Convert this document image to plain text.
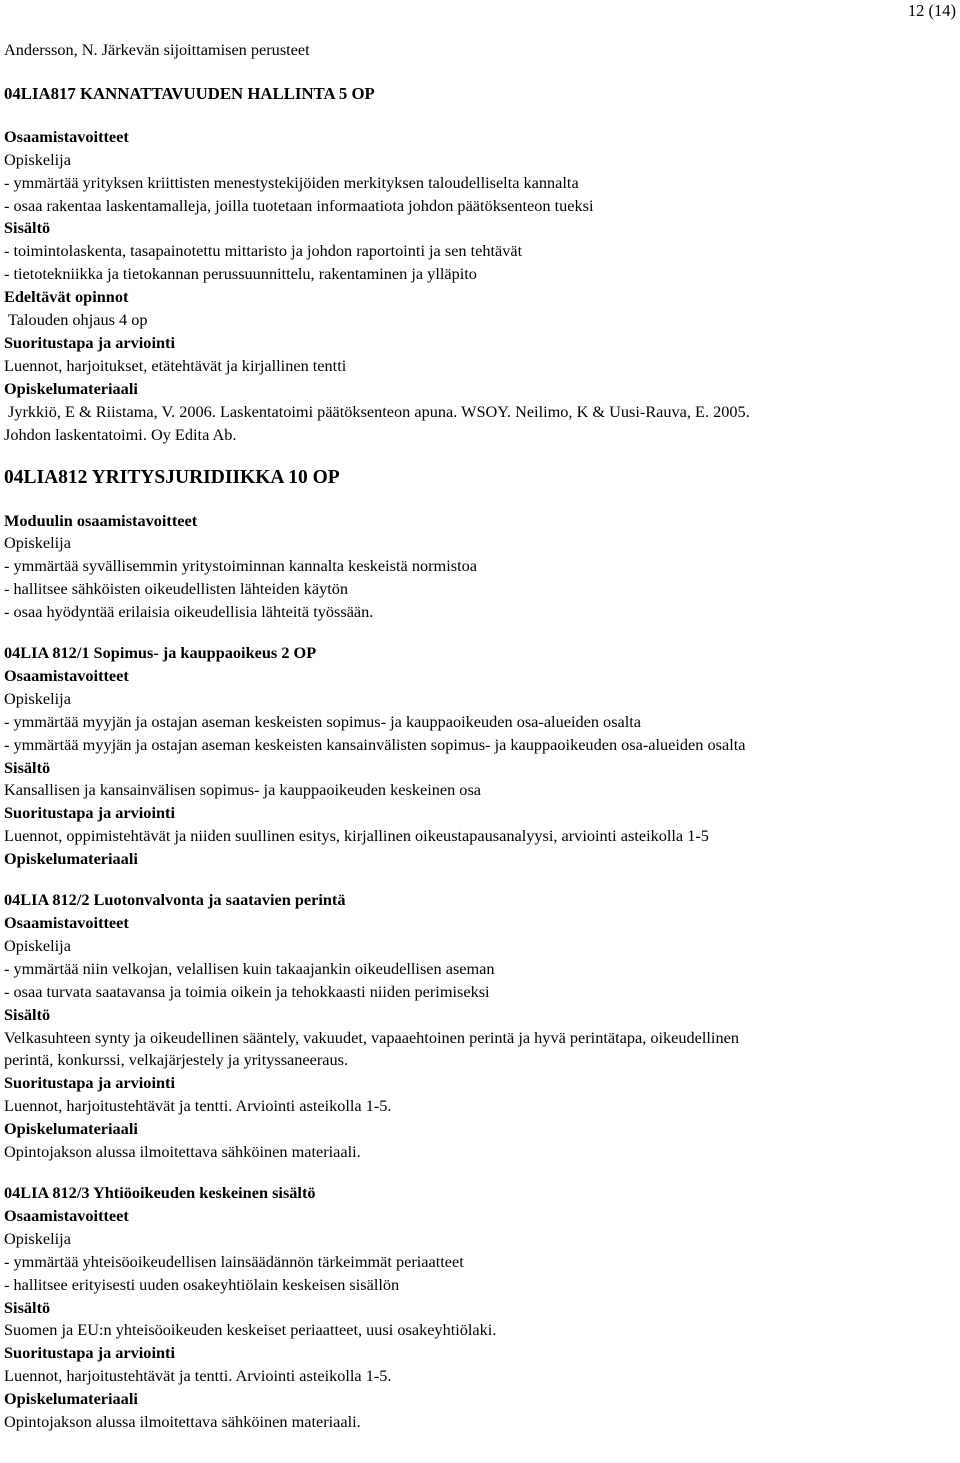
12 (14)
Andersson, N. Järkevän sijoittamisen perusteet
04LIA817 KANNATTAVUUDEN HALLINTA 5 OP
Osaamistavoitteet
Opiskelija
- ymmärtää yrityksen kriittisten menestystekijöiden merkityksen taloudelliselta kannalta
- osaa rakentaa laskentamalleja, joilla tuotetaan informaatiota johdon päätöksenteon tueksi
Sisältö
- toimintolaskenta, tasapainotettu mittaristo ja johdon raportointi ja sen tehtävät
- tietotekniikka ja tietokannan perussuunnittelu, rakentaminen ja ylläpito
Edeltävät opinnot
Talouden ohjaus 4 op
Suoritustapa ja arviointi
Luennot, harjoitukset, etätehtävät ja kirjallinen tentti
Opiskelumateriaali
Jyrkkiö, E & Riistama, V. 2006. Laskentatoimi päätöksenteon apuna. WSOY. Neilimo, K & Uusi-Rauva, E. 2005.
Johdon laskentatoimi. Oy Edita Ab.
04LIA812 YRITYSJURIDIIKKA 10 OP
Moduulin osaamistavoitteet
Opiskelija
- ymmärtää syvällisemmin yritystoiminnan kannalta keskeistä normistoa
- hallitsee sähköisten oikeudellisten lähteiden käytön
- osaa hyödyntää erilaisia oikeudellisia lähteitä työssään.
04LIA 812/1 Sopimus- ja kauppaoikeus 2 OP
Osaamistavoitteet
Opiskelija
- ymmärtää myyjän ja ostajan aseman keskeisten sopimus- ja kauppaoikeuden osa-alueiden osalta
- ymmärtää myyjän ja ostajan aseman keskeisten kansainvälisten sopimus- ja kauppaoikeuden osa-alueiden osalta
Sisältö
Kansallisen ja kansainvälisen sopimus- ja kauppaoikeuden keskeinen osa
Suoritustapa ja arviointi
Luennot, oppimistehtävät ja niiden suullinen esitys, kirjallinen oikeustapausanalyysi, arviointi asteikolla 1-5
Opiskelumateriaali
04LIA 812/2 Luotonvalvonta ja saatavien perintä
Osaamistavoitteet
Opiskelija
- ymmärtää niin velkojan, velallisen kuin takaajankin oikeudellisen aseman
- osaa turvata saatavansa ja toimia oikein ja tehokkaasti niiden perimiseksi
Sisältö
Velkasuhteen synty ja oikeudellinen sääntely, vakuudet, vapaaehtoinen perintä ja hyvä perintätapa, oikeudellinen
perintä, konkurssi, velkajärjestely ja yrityssaneeraus.
Suoritustapa ja arviointi
Luennot, harjoitustehtävät ja tentti. Arviointi asteikolla 1-5.
Opiskelumateriaali
Opintojakson alussa ilmoitettava sähköinen materiaali.
04LIA 812/3 Yhtiöoikeuden keskeinen sisältö
Osaamistavoitteet
Opiskelija
- ymmärtää yhteisöoikeudellisen lainsäädännön tärkeimmät periaatteet
- hallitsee erityisesti uuden osakeyhtiölain keskeisen sisällön
Sisältö
Suomen ja EU:n yhteisöoikeuden keskeiset periaatteet, uusi osakeyhtiölaki.
Suoritustapa ja arviointi
Luennot, harjoitustehtävät ja tentti. Arviointi asteikolla 1-5.
Opiskelumateriaali
Opintojakson alussa ilmoitettava sähköinen materiaali.
